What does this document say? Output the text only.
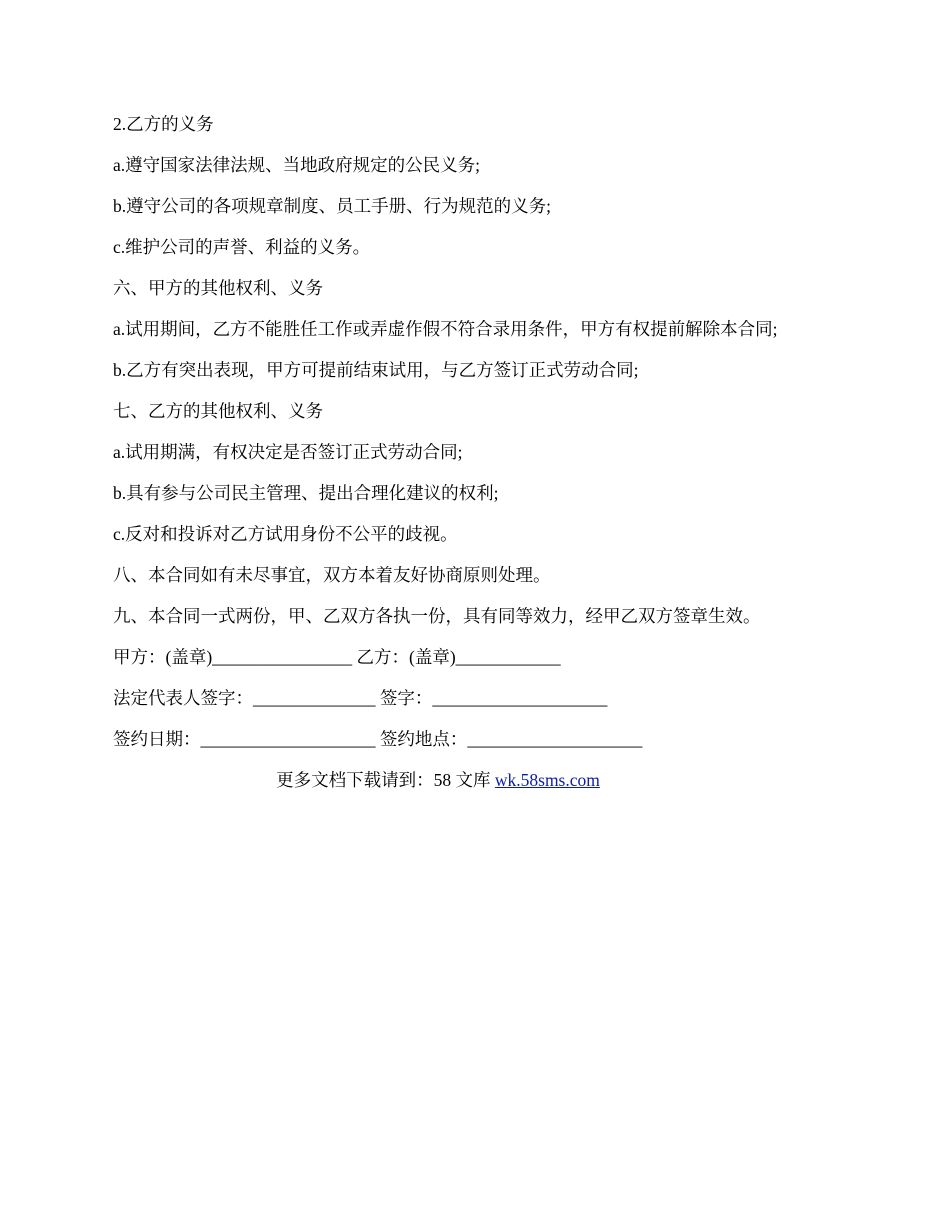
2.乙方的义务
a.遵守国家法律法规、当地政府规定的公民义务;
b.遵守公司的各项规章制度、员工手册、行为规范的义务;
c.维护公司的声誉、利益的义务。
六、甲方的其他权利、义务
a.试用期间，乙方不能胜任工作或弄虚作假不符合录用条件，甲方有权提前解除本合同;
b.乙方有突出表现，甲方可提前结束试用，与乙方签订正式劳动合同;
七、乙方的其他权利、义务
a.试用期满，有权决定是否签订正式劳动合同;
b.具有参与公司民主管理、提出合理化建议的权利;
c.反对和投诉对乙方试用身份不公平的歧视。
八、本合同如有未尽事宜，双方本着友好协商原则处理。
九、本合同一式两份，甲、乙双方各执一份，具有同等效力，经甲乙双方签章生效。
甲方：(盖章)________________ 乙方：(盖章)____________
法定代表人签字：______________ 签字：____________________
签约日期：____________________ 签约地点：____________________
更多文档下载请到：58 文库 wk.58sms.com
